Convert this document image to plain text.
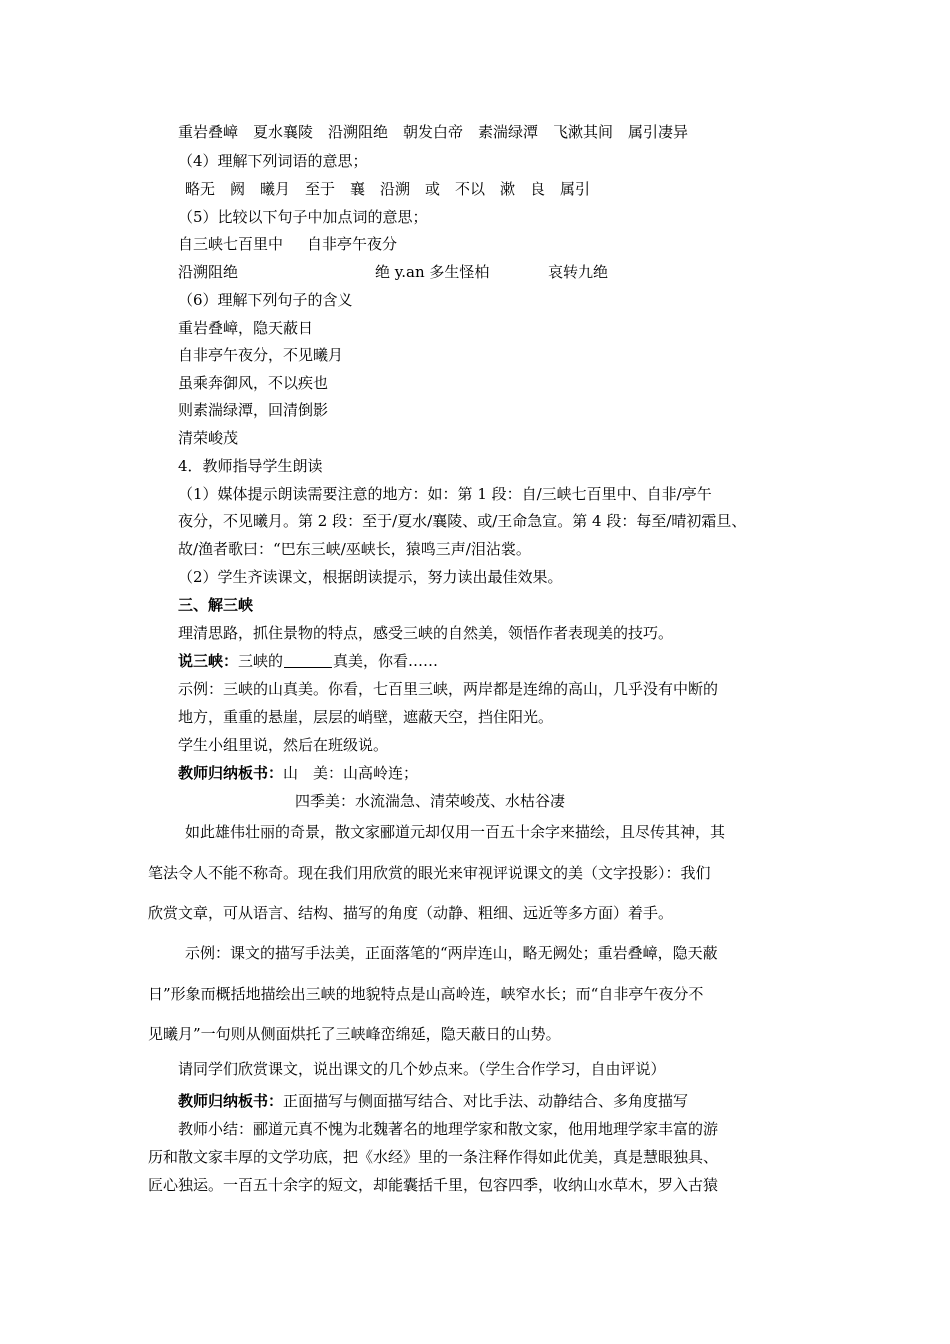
重岩叠嶂　夏水襄陵　沿溯阻绝　朝发白帝　素湍绿潭　飞漱其间　属引凄异
（4）理解下列词语的意思；
略无　阙　曦月　至于　襄　沿溯　或　不以　漱　良　属引
（5）比较以下句子中加点词的意思；
自三峡七百里中 自非亭午夜分
沿溯阻绝	绝 y.an 多生怪柏	哀转九绝
（6）理解下列句子的含义
重岩叠嶂，隐天蔽日
自非亭午夜分，不见曦月
虽乘奔御风，不以疾也
则素湍绿潭，回清倒影
清荣峻茂
4．教师指导学生朗读
（1）媒体提示朗读需要注意的地方：如：第 1 段：自/三峡七百里中、自非/亭午
夜分，不见曦月。第 2 段：至于/夏水/襄陵、或/王命急宣。第 4 段：每至/晴初霜旦、
故/渔者歌曰：“巴东三峡/巫峡长，猿鸣三声/泪沾裳。
（2）学生齐读课文，根据朗读提示，努力读出最佳效果。
三、解三峡
理清思路，抓住景物的特点，感受三峡的自然美，领悟作者表现美的技巧。
说三峡：三峡的	真美，你看……
示例：三峡的山真美。你看，七百里三峡，两岸都是连绵的高山，几乎没有中断的
地方，重重的悬崖，层层的峭壁，遮蔽天空，挡住阳光。
学生小组里说，然后在班级说。
教师归纳板书：山　美：山高岭连；
四季美：水流湍急、清荣峻茂、水枯谷凄
如此雄伟壮丽的奇景，散文家郦道元却仅用一百五十余字来描绘，且尽传其神，其
笔法令人不能不称奇。现在我们用欣赏的眼光来审视评说课文的美（文字投影）：我们
欣赏文章，可从语言、结构、描写的角度（动静、粗细、远近等多方面）着手。
示例：课文的描写手法美，正面落笔的“两岸连山，略无阙处；重岩叠嶂，隐天蔽
日”形象而概括地描绘出三峡的地貌特点是山高岭连，峡窄水长；而“自非亭午夜分不
见曦月”一句则从侧面烘托了三峡峰峦绵延，隐天蔽日的山势。
请同学们欣赏课文，说出课文的几个妙点来。（学生合作学习，自由评说）
教师归纳板书：正面描写与侧面描写结合、对比手法、动静结合、多角度描写
教师小结：郦道元真不愧为北魏著名的地理学家和散文家，他用地理学家丰富的游
历和散文家丰厚的文学功底，把《水经》里的一条注释作得如此优美，真是慧眼独具、
匠心独运。一百五十余字的短文，却能囊括千里，包容四季，收纳山水草木，罗入古猿
